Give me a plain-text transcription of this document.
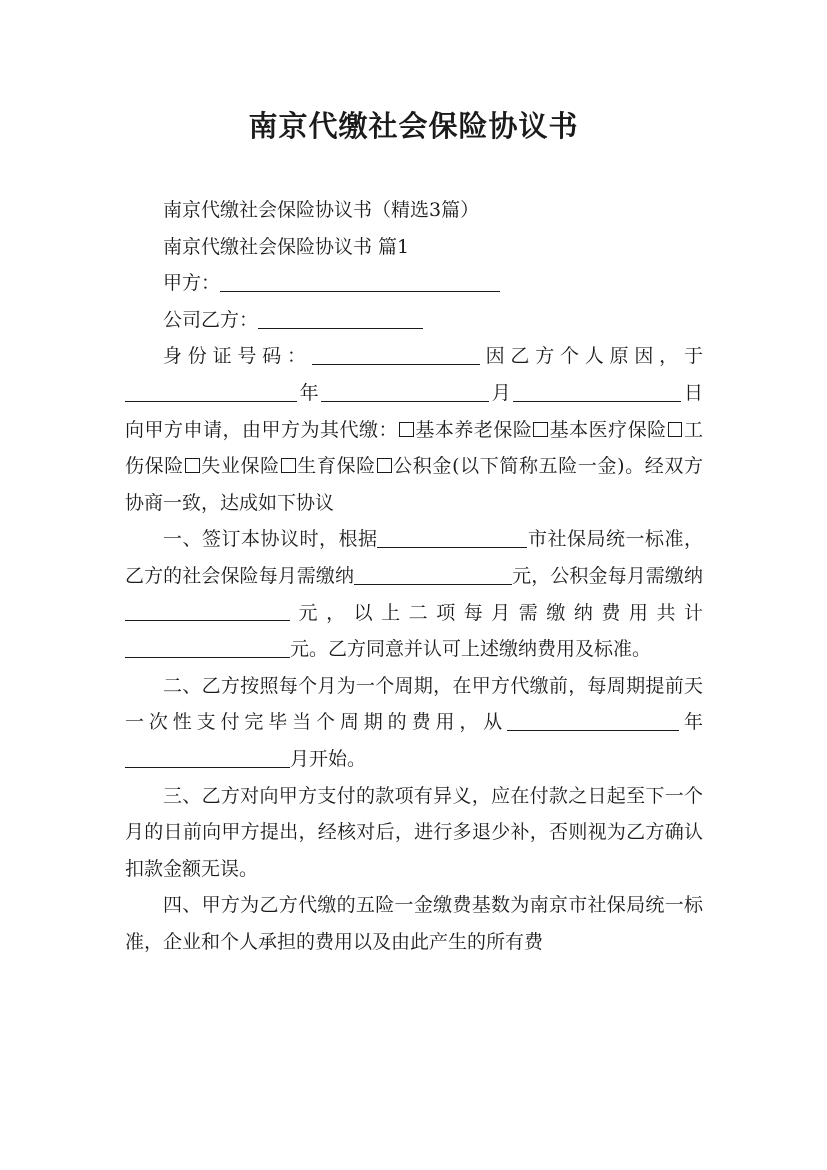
南京代缴社会保险协议书

南京代缴社会保险协议书（精选3篇）

南京代缴社会保险协议书 篇1

甲方：

公司乙方：

身份证号码：	因乙方个人原因，于年	月	日向甲方申请，由甲方为其代缴： 基本养老保险 基本医疗保险 工伤保险 失业保险 生育保险 公积金(以下简称五险一金)。经双方协商一致，达成如下协议

一、签订本协议时，根据	市社保局统一标准，乙方的社会保险每月需缴纳	元，公积金每月需缴纳元，以上二项每月需缴纳费用共计元。乙方同意并认可上述缴纳费用及标准。

二、乙方按照每个月为一个周期，在甲方代缴前，每周期提前天一次性支付完毕当个周期的费用，从	年月开始。

三、乙方对向甲方支付的款项有异义，应在付款之日起至下一个月的日前向甲方提出，经核对后，进行多退少补，否则视为乙方确认扣款金额无误。

四、甲方为乙方代缴的五险一金缴费基数为南京市社保局统一标准，企业和个人承担的费用以及由此产生的所有费
